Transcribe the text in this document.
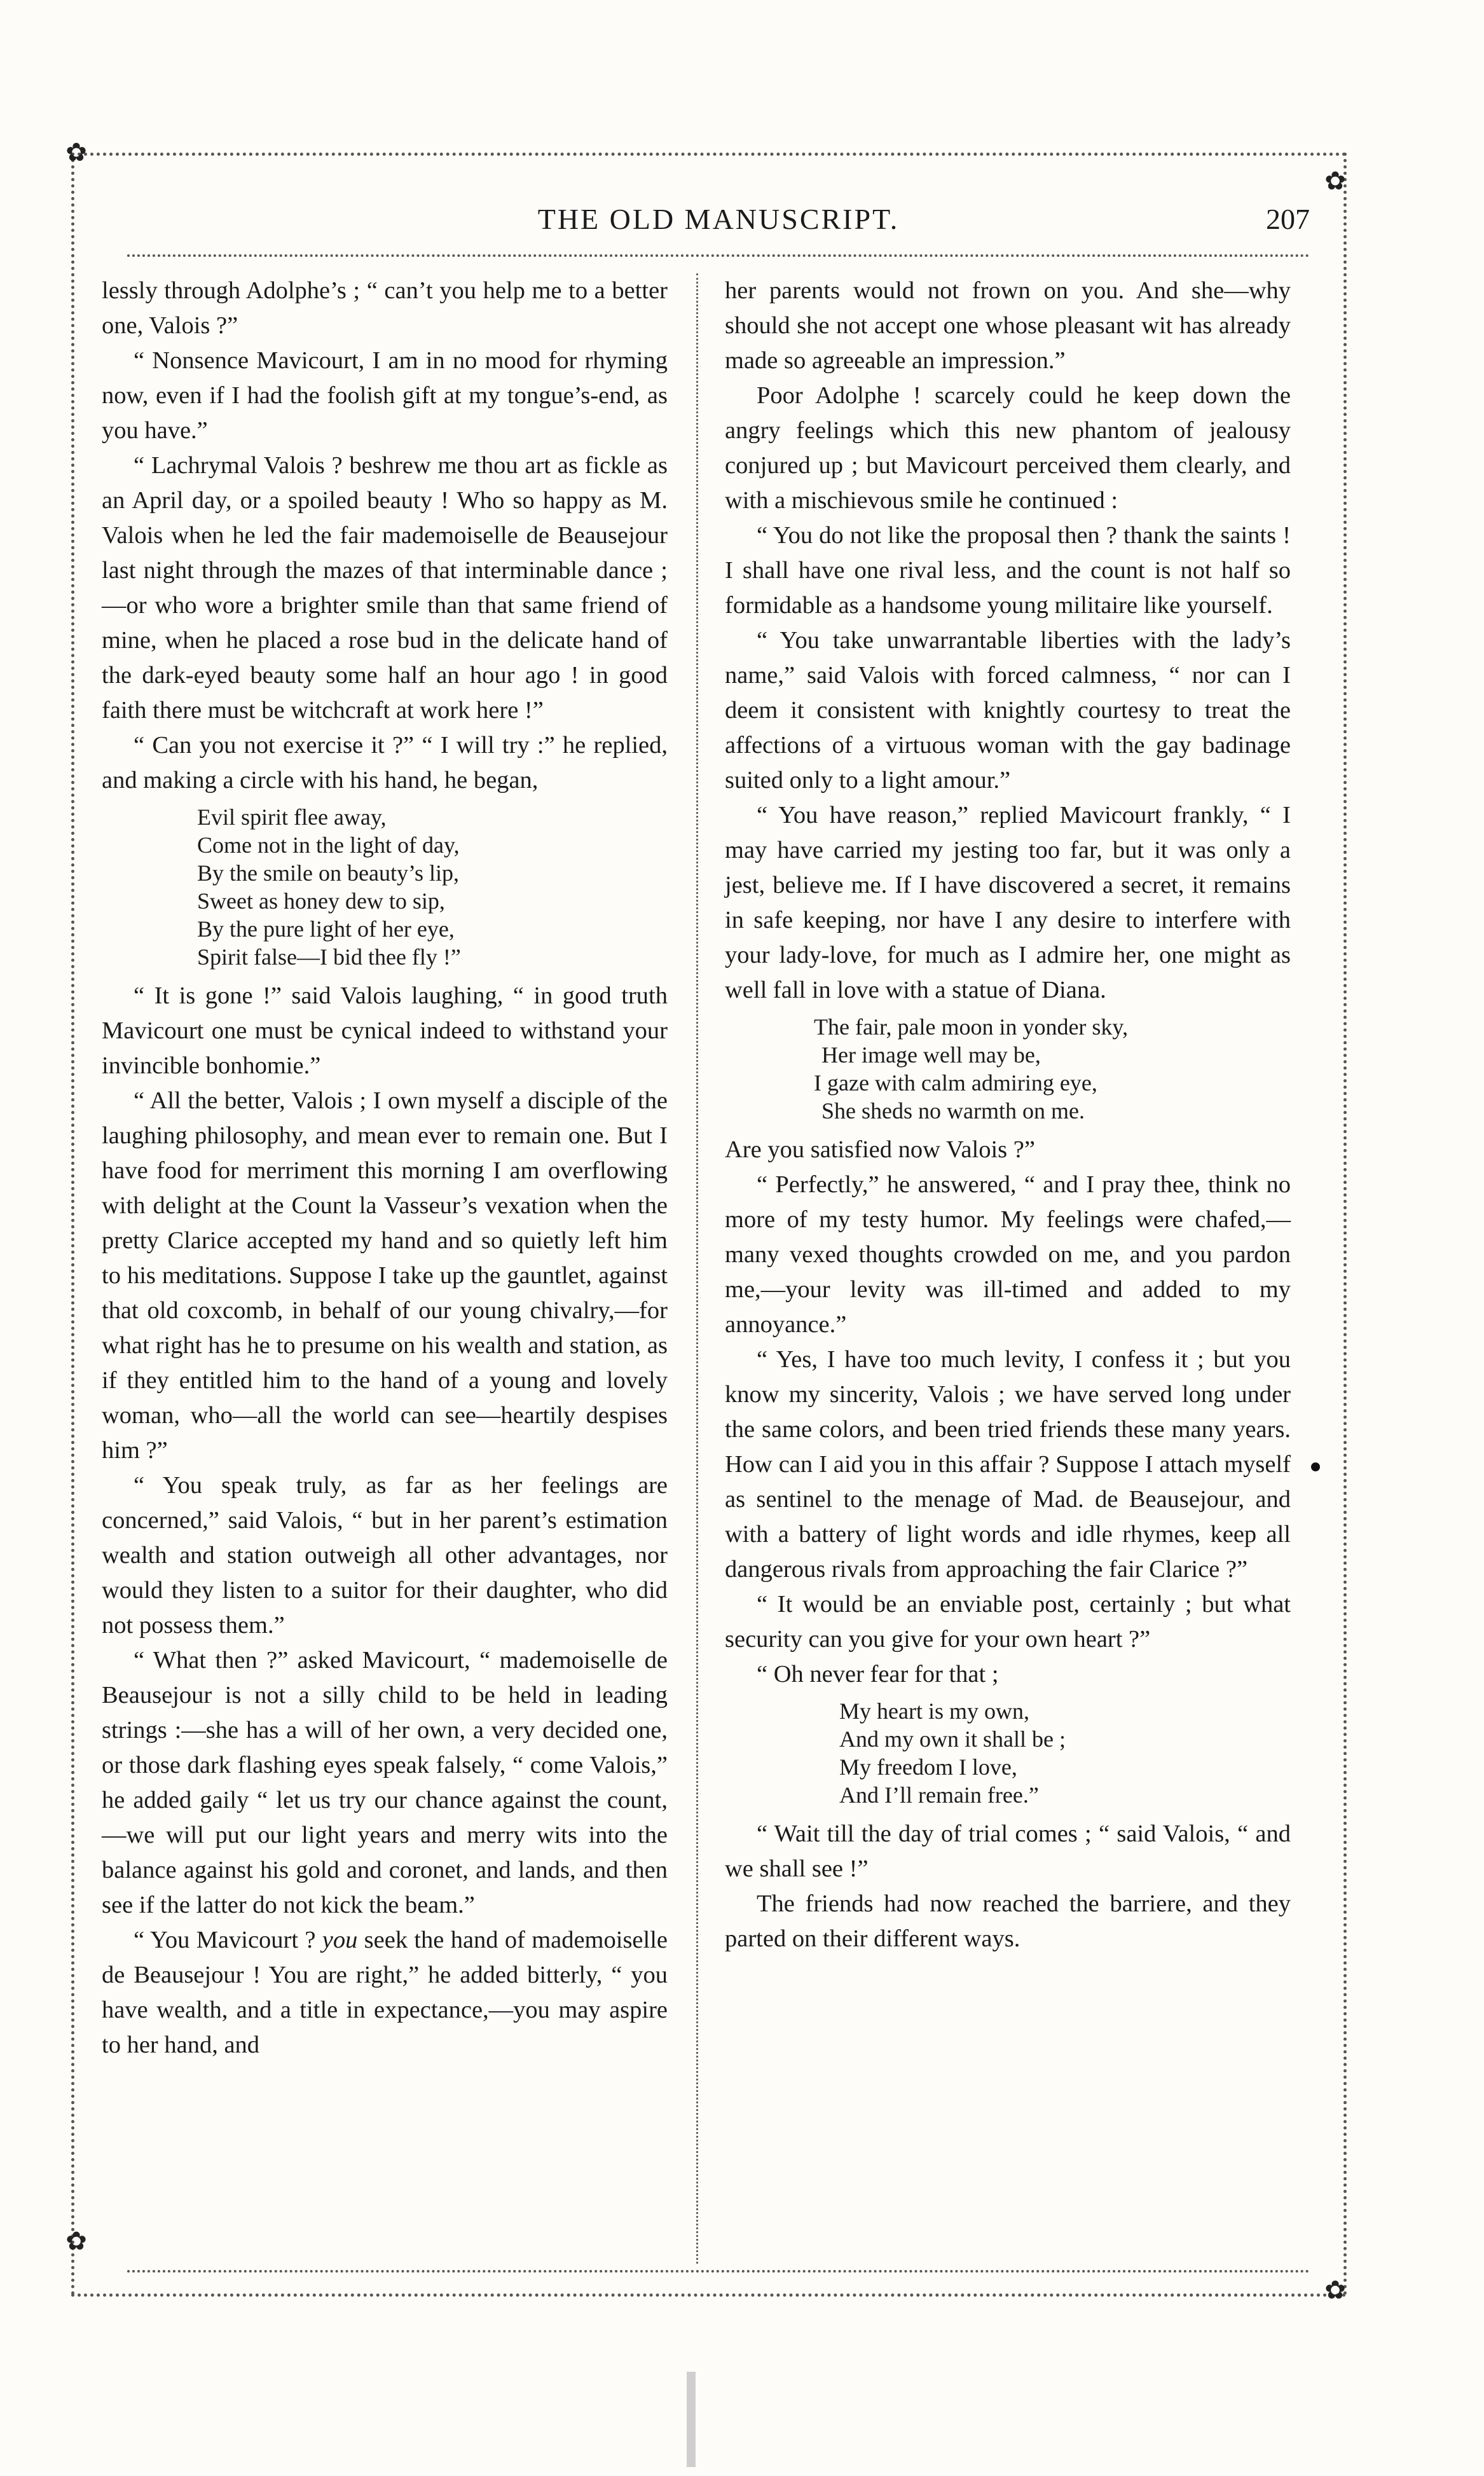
✿
✿
✿
✿
THE OLD MANUSCRIPT.	207

lessly through Adolphe’s ; “ can’t you help me to a better one, Valois ?”

“ Nonsence Mavicourt, I am in no mood for rhyming now, even if I had the foolish gift at my tongue’s-end, as you have.”

“ Lachrymal Valois ? beshrew me thou art as fickle as an April day, or a spoiled beauty ! Who so happy as M. Valois when he led the fair mademoiselle de Beausejour last night through the mazes of that interminable dance ;—or who wore a brighter smile than that same friend of mine, when he placed a rose bud in the delicate hand of the dark-eyed beauty some half an hour ago ! in good faith there must be witchcraft at work here !”

“ Can you not exercise it ?” “ I will try :” he replied, and making a circle with his hand, he began,

Evil spirit flee away,
Come not in the light of day,
By the smile on beauty’s lip,
Sweet as honey dew to sip,
By the pure light of her eye,
Spirit false—I bid thee fly !”

“ It is gone !” said Valois laughing, “ in good truth Mavicourt one must be cynical indeed to withstand your invincible bonhomie.”

“ All the better, Valois ; I own myself a disciple of the laughing philosophy, and mean ever to remain one. But I have food for merriment this morning I am overflowing with delight at the Count la Vasseur’s vexation when the pretty Clarice accepted my hand and so quietly left him to his meditations. Suppose I take up the gauntlet, against that old coxcomb, in behalf of our young chivalry,—for what right has he to presume on his wealth and station, as if they entitled him to the hand of a young and lovely woman, who—all the world can see—heartily despises him ?”

“ You speak truly, as far as her feelings are concerned,” said Valois, “ but in her parent’s estimation wealth and station outweigh all other advantages, nor would they listen to a suitor for their daughter, who did not possess them.”

“ What then ?” asked Mavicourt, “ mademoiselle de Beausejour is not a silly child to be held in leading strings :—she has a will of her own, a very decided one, or those dark flashing eyes speak falsely, “ come Valois,” he added gaily “ let us try our chance against the count,—we will put our light years and merry wits into the balance against his gold and coronet, and lands, and then see if the latter do not kick the beam.”

“ You Mavicourt ? you seek the hand of mademoiselle de Beausejour ! You are right,” he added bitterly, “ you have wealth, and a title in expectance,—you may aspire to her hand, and

her parents would not frown on you. And she—why should she not accept one whose pleasant wit has already made so agreeable an impression.”

Poor Adolphe ! scarcely could he keep down the angry feelings which this new phantom of jealousy conjured up ; but Mavicourt perceived them clearly, and with a mischievous smile he continued :

“ You do not like the proposal then ? thank the saints ! I shall have one rival less, and the count is not half so formidable as a handsome young militaire like yourself.

“ You take unwarrantable liberties with the lady’s name,” said Valois with forced calmness, “ nor can I deem it consistent with knightly courtesy to treat the affections of a virtuous woman with the gay badinage suited only to a light amour.”

“ You have reason,” replied Mavicourt frankly, “ I may have carried my jesting too far, but it was only a jest, believe me. If I have discovered a secret, it remains in safe keeping, nor have I any desire to interfere with your lady-love, for much as I admire her, one might as well fall in love with a statue of Diana.

The fair, pale moon in yonder sky,
Her image well may be,
I gaze with calm admiring eye,
She sheds no warmth on me.

Are you satisfied now Valois ?”

“ Perfectly,” he answered, “ and I pray thee, think no more of my testy humor. My feelings were chafed,—many vexed thoughts crowded on me, and you pardon me,—your levity was ill-timed and added to my annoyance.”

“ Yes, I have too much levity, I confess it ; but you know my sincerity, Valois ; we have served long under the same colors, and been tried friends these many years. How can I aid you in this affair ? Suppose I attach myself as sentinel to the menage of Mad. de Beausejour, and with a battery of light words and idle rhymes, keep all dangerous rivals from approaching the fair Clarice ?”

“ It would be an enviable post, certainly ; but what security can you give for your own heart ?”

“ Oh never fear for that ;

My heart is my own,
And my own it shall be ;
My freedom I love,
And I’ll remain free.”

“ Wait till the day of trial comes ; “ said Valois, “ and we shall see !”

The friends had now reached the barriere, and they parted on their different ways.
